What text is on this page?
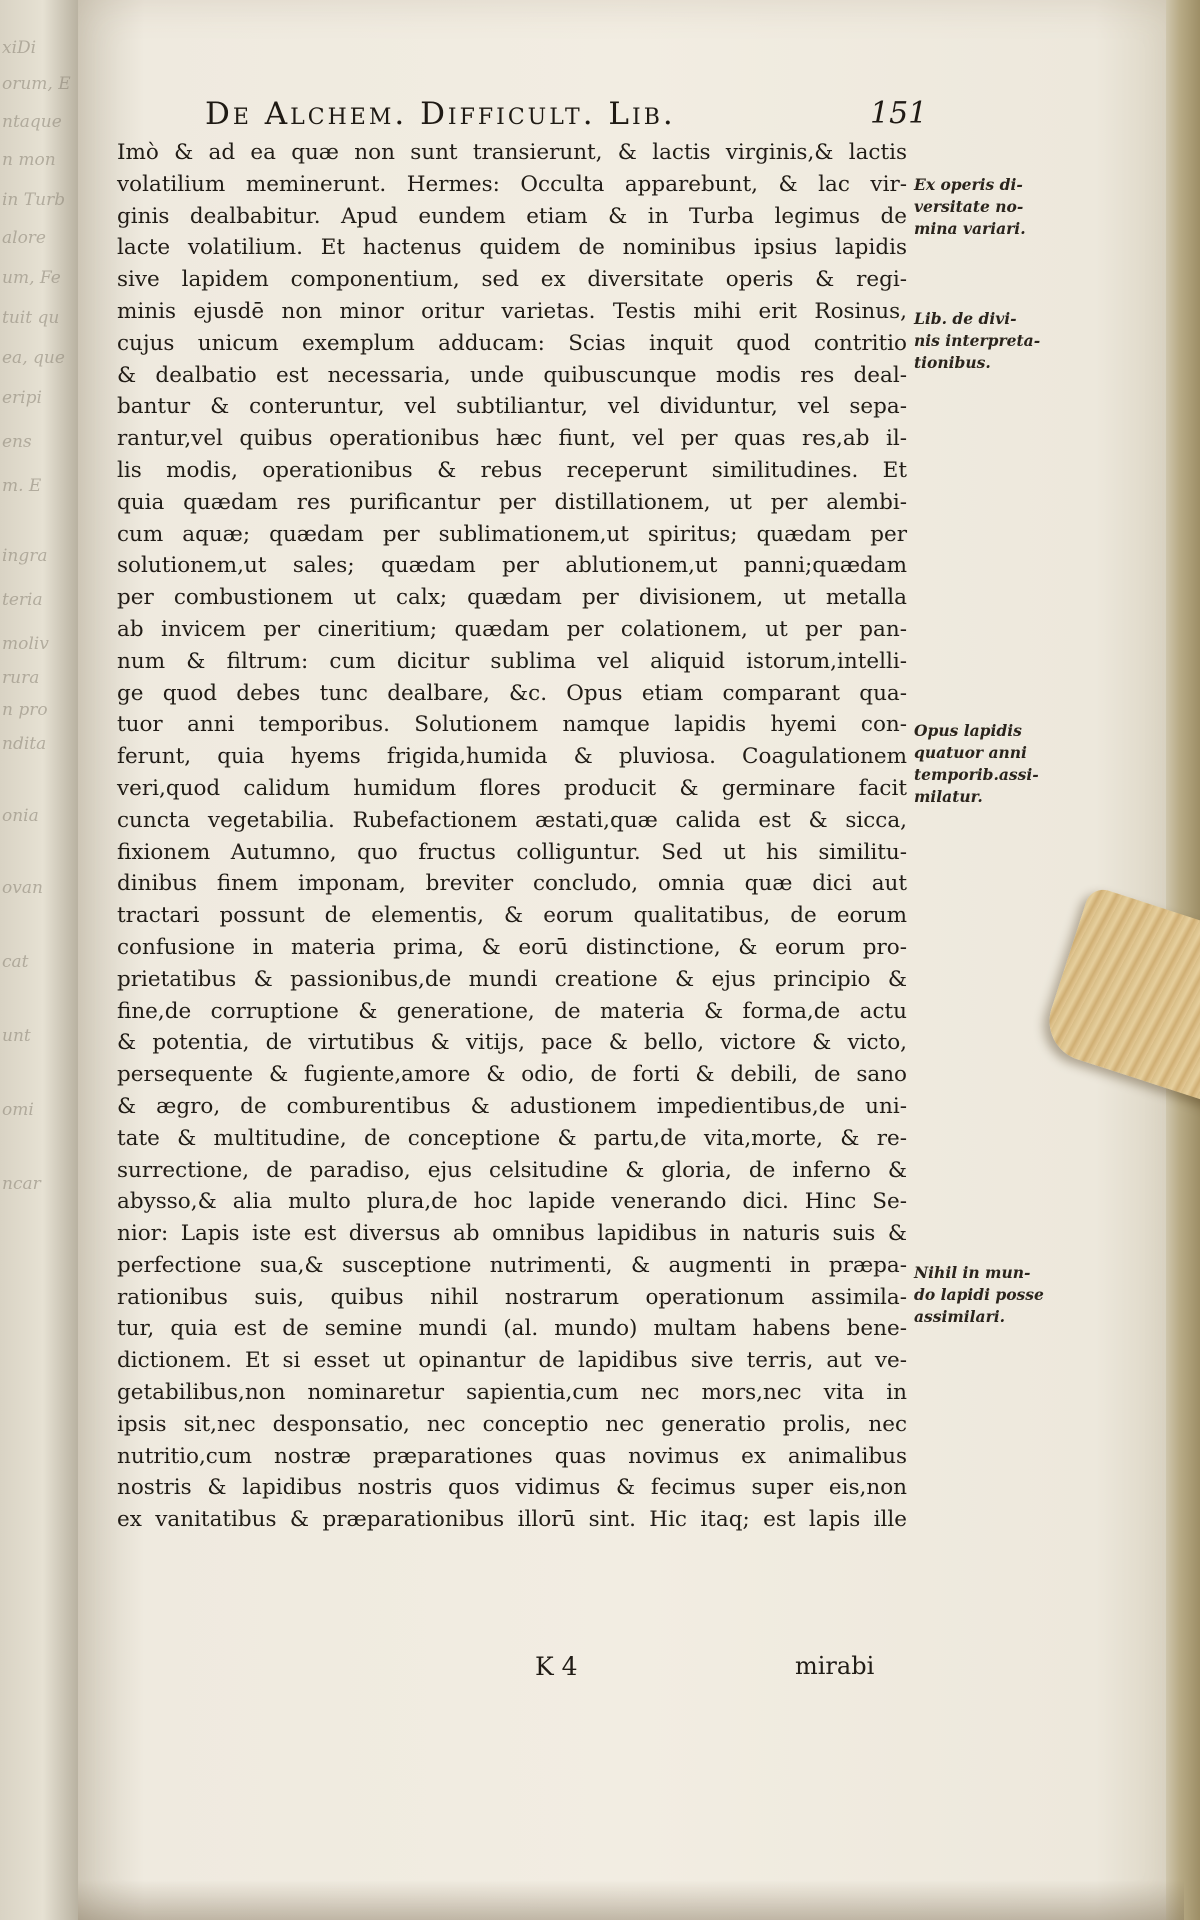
xiDi
orum, E
ntaque
n mon
in Turb
alore
um, Fe
tuit qu
ea, que
eripi
ens
m. E
ingra
teria
moliv
rura
n pro
ndita
onia
ovan
cat
unt
omi
ncar
De Alchem. Difficult. Lib.	151
Imò & ad ea quæ non sunt transierunt, & lactis virginis,& lactis
volatilium meminerunt. Hermes: Occulta apparebunt, & lac vir-
ginis dealbabitur. Apud eundem etiam & in Turba legimus de
lacte volatilium. Et hactenus quidem de nominibus ipsius lapidis
sive lapidem componentium, sed ex diversitate operis & regi-
minis ejusdē non minor oritur varietas. Testis mihi erit Rosinus,
cujus unicum exemplum adducam: Scias inquit quod contritio
& dealbatio est necessaria, unde quibuscunque modis res deal-
bantur & conteruntur, vel subtiliantur, vel dividuntur, vel sepa-
rantur,vel quibus operationibus hæc fiunt, vel per quas res,ab il-
lis modis, operationibus & rebus receperunt similitudines. Et
quia quædam res purificantur per distillationem, ut per alembi-
cum aquæ; quædam per sublimationem,ut spiritus; quædam per
solutionem,ut sales; quædam per ablutionem,ut panni;quædam
per combustionem ut calx; quædam per divisionem, ut metalla
ab invicem per cineritium; quædam per colationem, ut per pan-
num & filtrum: cum dicitur sublima vel aliquid istorum,intelli-
ge quod debes tunc dealbare, &c. Opus etiam comparant qua-
tuor anni temporibus. Solutionem namque lapidis hyemi con-
ferunt, quia hyems frigida,humida & pluviosa. Coagulationem
veri,quod calidum humidum flores producit & germinare facit
cuncta vegetabilia. Rubefactionem æstati,quæ calida est & sicca,
fixionem Autumno, quo fructus colliguntur. Sed ut his similitu-
dinibus finem imponam, breviter concludo, omnia quæ dici aut
tractari possunt de elementis, & eorum qualitatibus, de eorum
confusione in materia prima, & eorū distinctione, & eorum pro-
prietatibus & passionibus,de mundi creatione & ejus principio &
fine,de corruptione & generatione, de materia & forma,de actu
& potentia, de virtutibus & vitijs, pace & bello, victore & victo,
persequente & fugiente,amore & odio, de forti & debili, de sano
& ægro, de comburentibus & adustionem impedientibus,de uni-
tate & multitudine, de conceptione & partu,de vita,morte, & re-
surrectione, de paradiso, ejus celsitudine & gloria, de inferno &
abysso,& alia multo plura,de hoc lapide venerando dici. Hinc Se-
nior: Lapis iste est diversus ab omnibus lapidibus in naturis suis &
perfectione sua,& susceptione nutrimenti, & augmenti in præpa-
rationibus suis, quibus nihil nostrarum operationum assimila-
tur, quia est de semine mundi (al. mundo) multam habens bene-
dictionem. Et si esset ut opinantur de lapidibus sive terris, aut ve-
getabilibus,non nominaretur sapientia,cum nec mors,nec vita in
ipsis sit,nec desponsatio, nec conceptio nec generatio prolis, nec
nutritio,cum nostræ præparationes quas novimus ex animalibus
nostris & lapidibus nostris quos vidimus & fecimus super eis,non
ex vanitatibus & præparationibus illorū sint. Hic itaq; est lapis ille
Ex operis di-
versitate no-
mina variari.
Lib. de divi-
nis interpreta-
tionibus.
Opus lapidis
quatuor anni
temporib.assi-
milatur.
Nihil in mun-
do lapidi posse
assimilari.
K 4	mirabi
